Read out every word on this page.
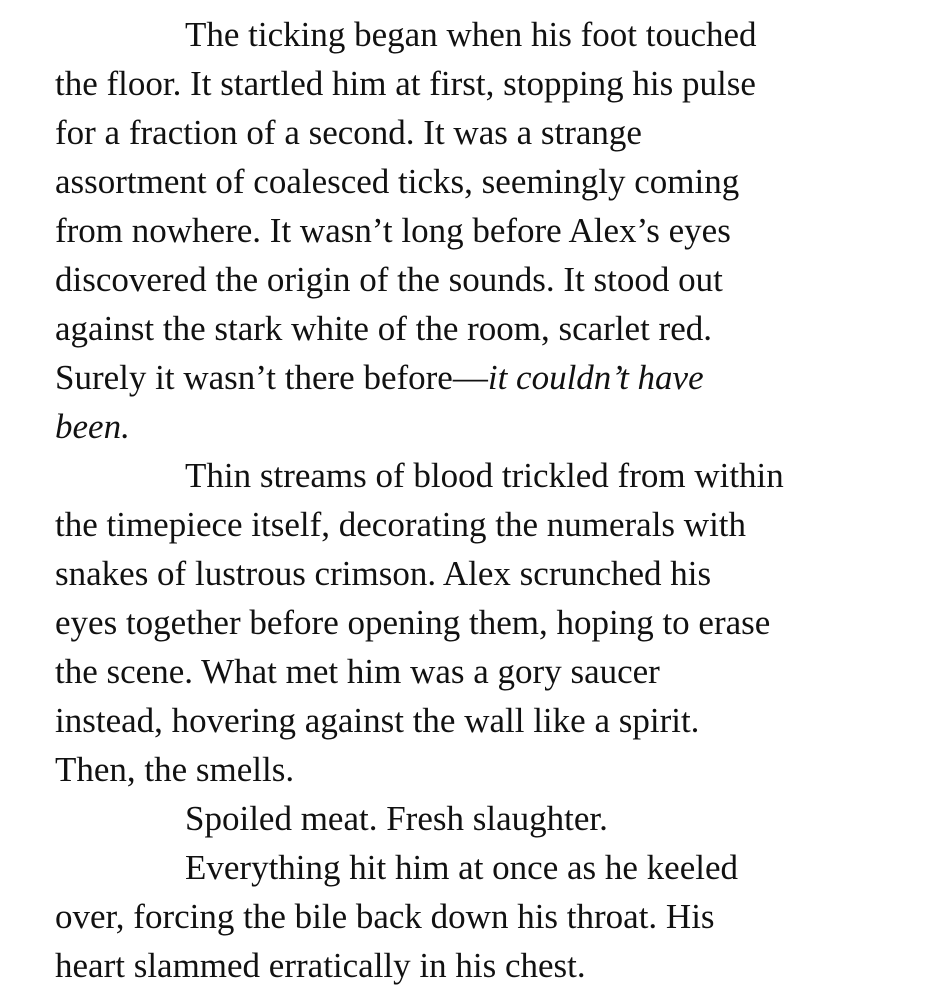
The ticking began when his foot touched
the floor. It startled him at first, stopping his pulse
for a fraction of a second. It was a strange
assortment of coalesced ticks, seemingly coming
from nowhere. It wasn’t long before Alex’s eyes
discovered the origin of the sounds. It stood out
against the stark white of the room, scarlet red.
Surely it wasn’t there before—it couldn’t have
been.
Thin streams of blood trickled from within
the timepiece itself, decorating the numerals with
snakes of lustrous crimson. Alex scrunched his
eyes together before opening them, hoping to erase
the scene. What met him was a gory saucer
instead, hovering against the wall like a spirit.
Then, the smells.
Spoiled meat. Fresh slaughter.
Everything hit him at once as he keeled
over, forcing the bile back down his throat. His
heart slammed erratically in his chest.
